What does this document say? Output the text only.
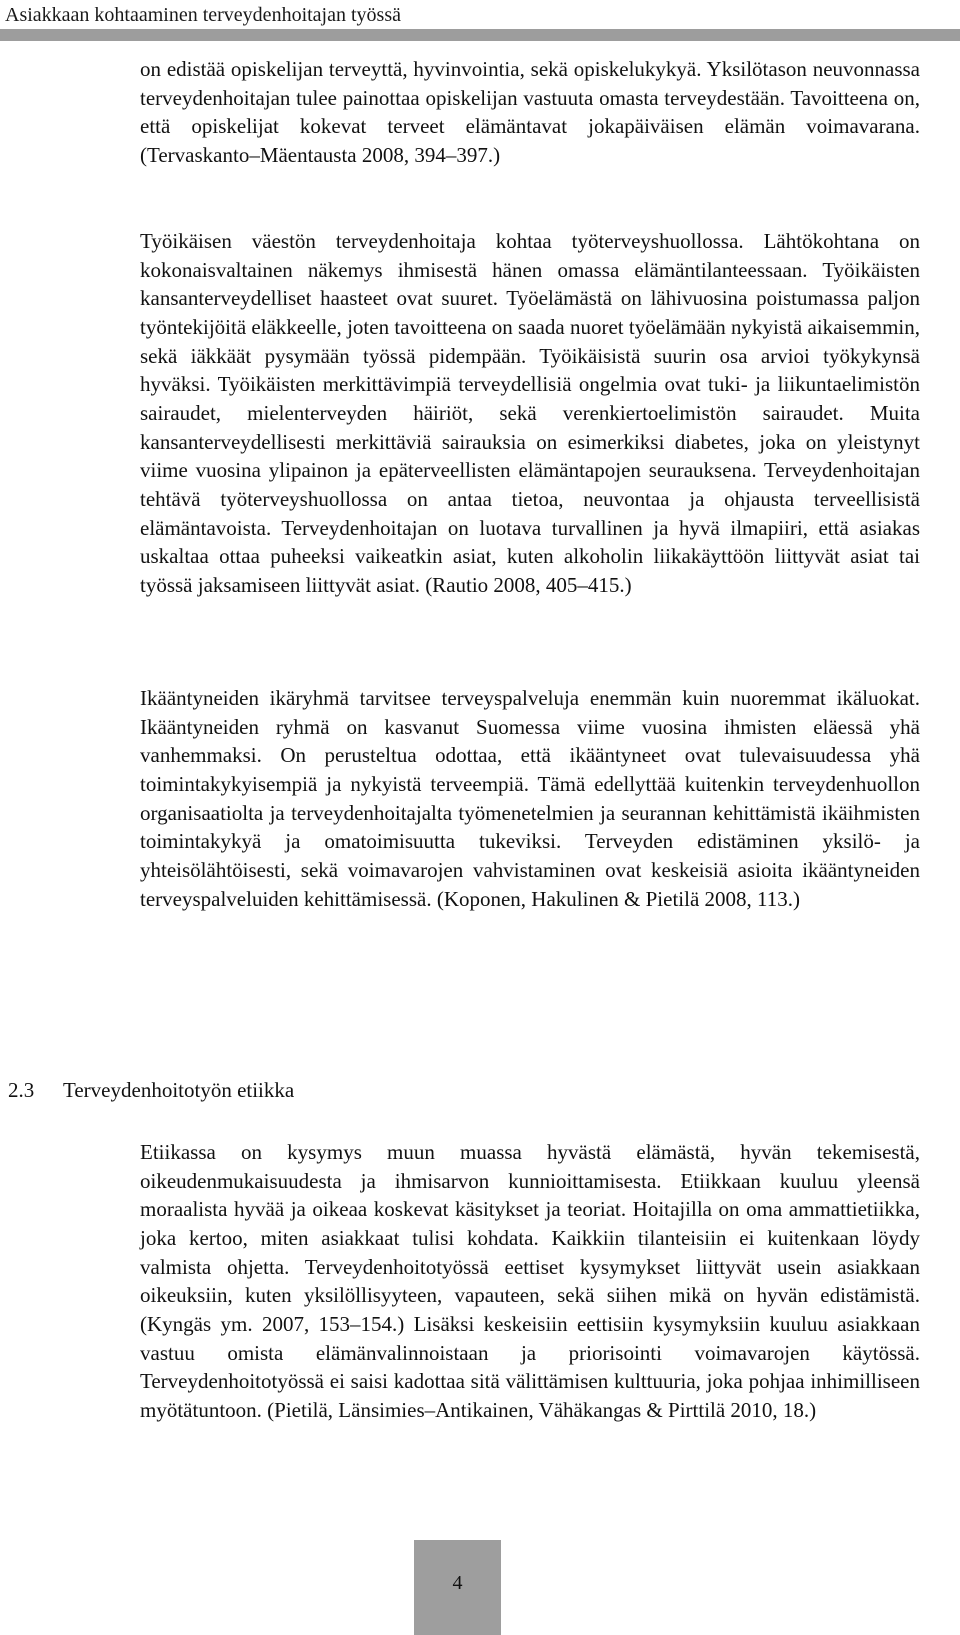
Asiakkaan kohtaaminen terveydenhoitajan työssä

on edistää opiskelijan terveyttä, hyvinvointia, sekä opiskelukykyä. Yksilötason neuvonnassa terveydenhoitajan tulee painottaa opiskelijan vastuuta omasta terveydestään. Tavoitteena on, että opiskelijat kokevat terveet elämäntavat jokapäiväisen elämän voimavarana. (Tervaskanto–Mäentausta 2008, 394–397.)

Työikäisen väestön terveydenhoitaja kohtaa työterveyshuollossa. Lähtökohtana on kokonaisvaltainen näkemys ihmisestä hänen omassa elämäntilanteessaan. Työikäisten kansanterveydelliset haasteet ovat suuret. Työelämästä on lähivuosina poistumassa paljon työntekijöitä eläkkeelle, joten tavoitteena on saada nuoret työelämään nykyistä aikaisemmin, sekä iäkkäät pysymään työssä pidempään. Työikäisistä suurin osa arvioi työkykynsä hyväksi. Työikäisten merkittävimpiä terveydellisiä ongelmia ovat tuki- ja liikuntaelimistön sairaudet, mielenterveyden häiriöt, sekä verenkiertoelimistön sairaudet. Muita kansanterveydellisesti merkittäviä sairauksia on esimerkiksi diabetes, joka on yleistynyt viime vuosina ylipainon ja epäterveellisten elämäntapojen seurauksena. Terveydenhoitajan tehtävä työterveyshuollossa on antaa tietoa, neuvontaa ja ohjausta terveellisistä elämäntavoista. Terveydenhoitajan on luotava turvallinen ja hyvä ilmapiiri, että asiakas uskaltaa ottaa puheeksi vaikeatkin asiat, kuten alkoholin liikakäyttöön liittyvät asiat tai työssä jaksamiseen liittyvät asiat. (Rautio 2008, 405–415.)

Ikääntyneiden ikäryhmä tarvitsee terveyspalveluja enemmän kuin nuoremmat ikäluokat. Ikääntyneiden ryhmä on kasvanut Suomessa viime vuosina ihmisten eläessä yhä vanhemmaksi. On perusteltua odottaa, että ikääntyneet ovat tulevaisuudessa yhä toimintakykyisempiä ja nykyistä terveempiä. Tämä edellyttää kuitenkin terveydenhuollon organisaatiolta ja terveydenhoitajalta työmenetelmien ja seurannan kehittämistä ikäihmisten toimintakykyä ja omatoimisuutta tukeviksi. Terveyden edistäminen yksilö- ja yhteisölähtöisesti, sekä voimavarojen vahvistaminen ovat keskeisiä asioita ikääntyneiden terveyspalveluiden kehittämisessä. (Koponen, Hakulinen & Pietilä 2008, 113.)

2.3 Terveydenhoitotyön etiikka

Etiikassa on kysymys muun muassa hyvästä elämästä, hyvän tekemisestä, oikeudenmukaisuudesta ja ihmisarvon kunnioittamisesta. Etiikkaan kuuluu yleensä moraalista hyvää ja oikeaa koskevat käsitykset ja teoriat. Hoitajilla on oma ammattietiikka, joka kertoo, miten asiakkaat tulisi kohdata. Kaikkiin tilanteisiin ei kuitenkaan löydy valmista ohjetta. Terveydenhoitotyössä eettiset kysymykset liittyvät usein asiakkaan oikeuksiin, kuten yksilöllisyyteen, vapauteen, sekä siihen mikä on hyvän edistämistä. (Kyngäs ym. 2007, 153–154.) Lisäksi keskeisiin eettisiin kysymyksiin kuuluu asiakkaan vastuu omista elämänvalinnoistaan ja priorisointi voimavarojen käytössä. Terveydenhoitotyössä ei saisi kadottaa sitä välittämisen kulttuuria, joka pohjaa inhimilliseen myötätuntoon. (Pietilä, Länsimies–Antikainen, Vähäkangas & Pirttilä 2010, 18.)

4
